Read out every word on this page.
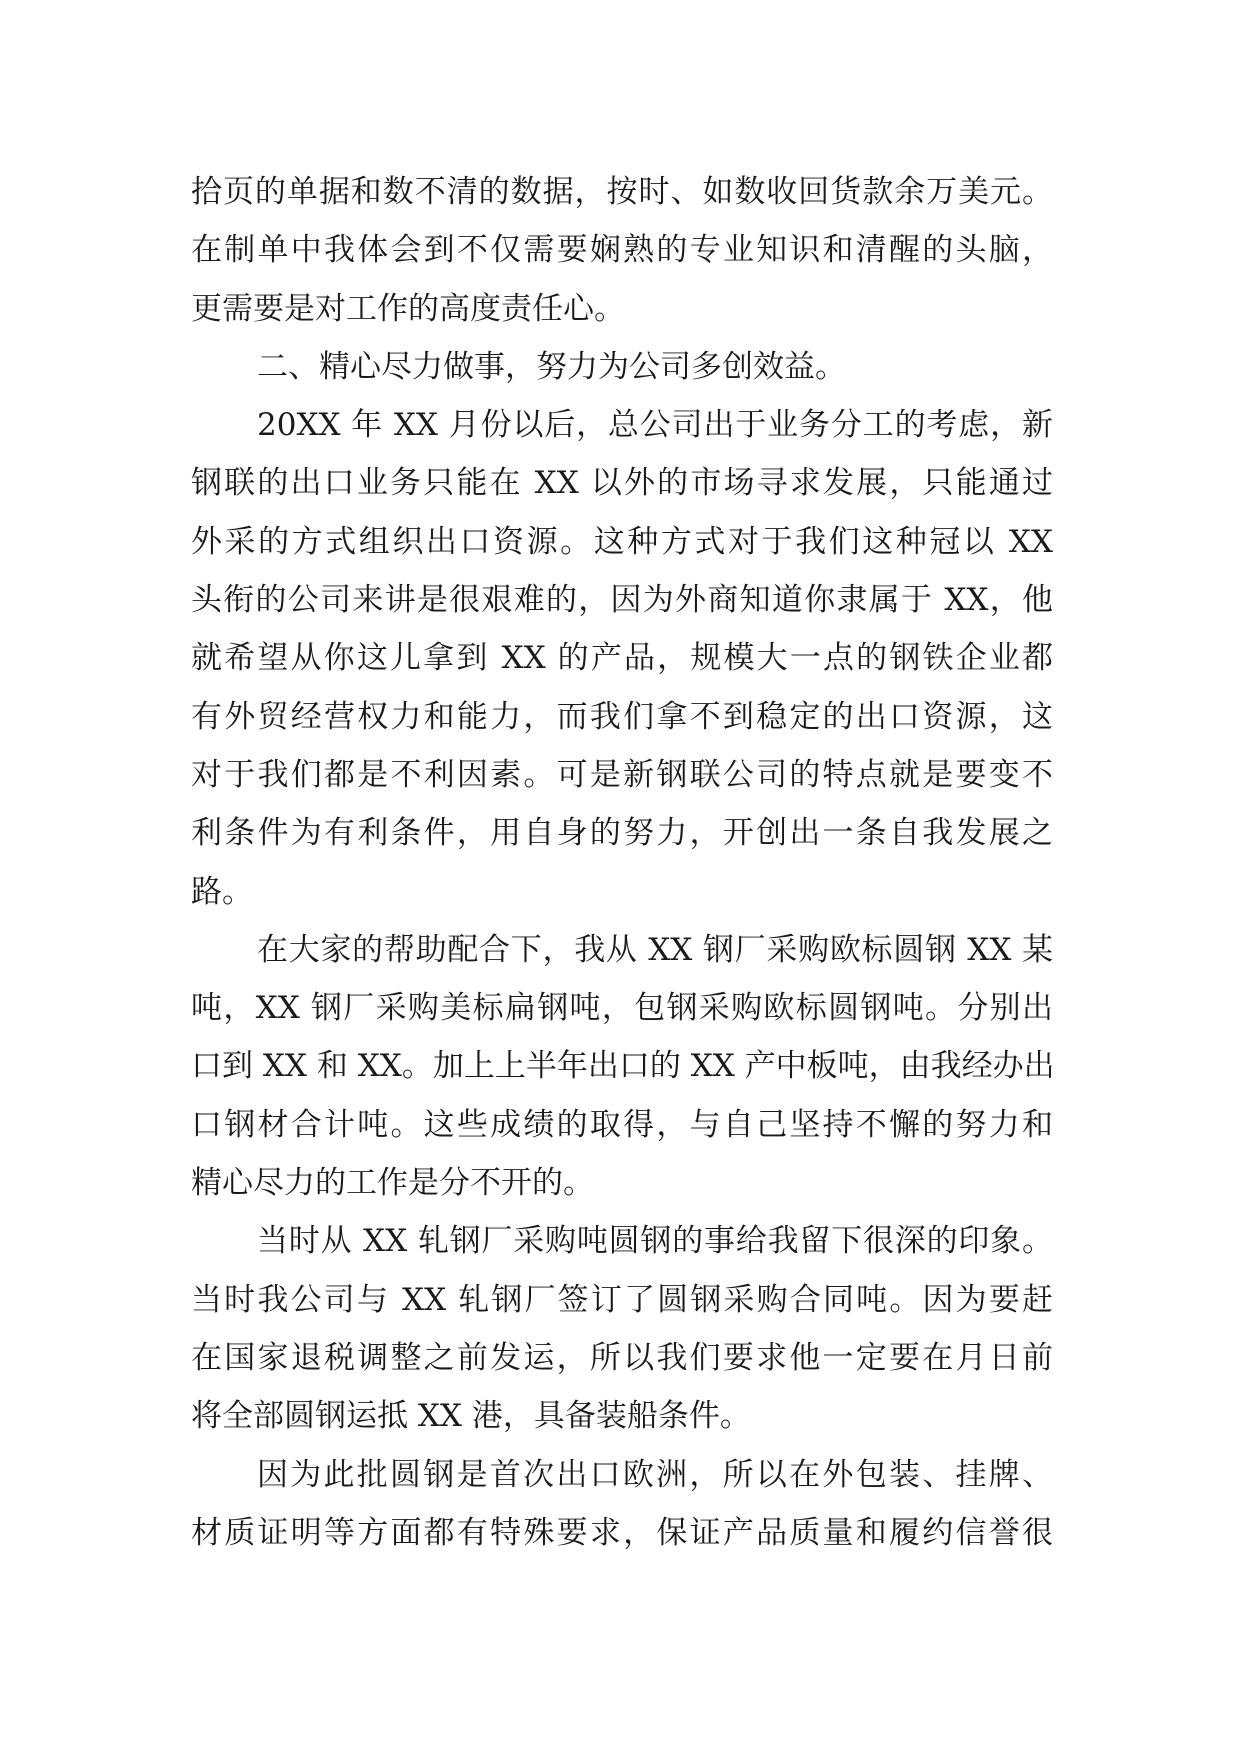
拾页的单据和数不清的数据，按时、如数收回货款余万美元。
在制单中我体会到不仅需要娴熟的专业知识和清醒的头脑，
更需要是对工作的高度责任心。
二、精心尽力做事，努力为公司多创效益。
20XX 年 XX 月份以后，总公司出于业务分工的考虑，新
钢联的出口业务只能在 XX 以外的市场寻求发展，只能通过
外采的方式组织出口资源。这种方式对于我们这种冠以 XX
头衔的公司来讲是很艰难的，因为外商知道你隶属于 XX，他
就希望从你这儿拿到 XX 的产品，规模大一点的钢铁企业都
有外贸经营权力和能力，而我们拿不到稳定的出口资源，这
对于我们都是不利因素。可是新钢联公司的特点就是要变不
利条件为有利条件，用自身的努力，开创出一条自我发展之
路。
在大家的帮助配合下，我从 XX 钢厂采购欧标圆钢 XX 某
吨，XX 钢厂采购美标扁钢吨，包钢采购欧标圆钢吨。分别出
口到 XX 和 XX。加上上半年出口的 XX 产中板吨，由我经办出
口钢材合计吨。这些成绩的取得，与自己坚持不懈的努力和
精心尽力的工作是分不开的。
当时从 XX 轧钢厂采购吨圆钢的事给我留下很深的印象。
当时我公司与 XX 轧钢厂签订了圆钢采购合同吨。因为要赶
在国家退税调整之前发运，所以我们要求他一定要在月日前
将全部圆钢运抵 XX 港，具备装船条件。
因为此批圆钢是首次出口欧洲，所以在外包装、挂牌、
材质证明等方面都有特殊要求，保证产品质量和履约信誉很
